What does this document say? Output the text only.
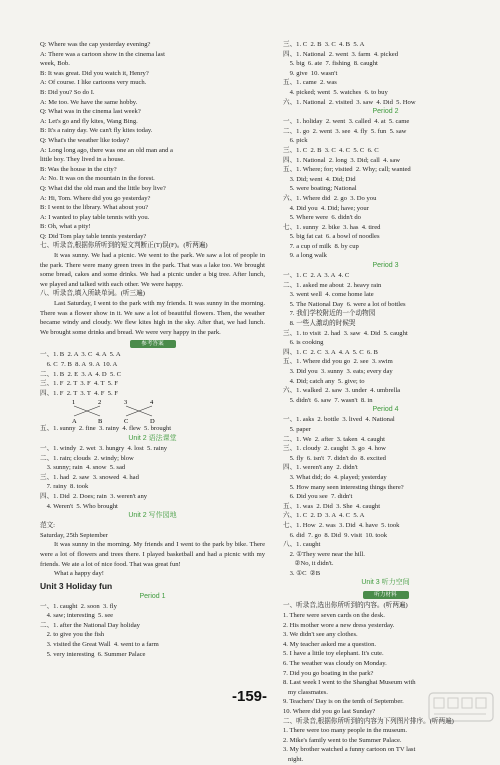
Q: Where was the cap yesterday evening?
A: There was a cartoon show in the cinema last
week, Bob.
B: It was great. Did you watch it, Henry?
A: Of course. I like cartoons very much.
B: Did you? So do I.
A: Me too. We have the same hobby.
Q: What was in the cinema last week?
A: Let's go and fly kites, Wang Bing.
B: It's a rainy day. We can't fly kites today.
Q: What's the weather like today?
A: Long long ago, there was one an old man and a
little boy. They lived in a house.
B: Was the house in the city?
A: No. It was on the mountain in the forest.
Q: What did the old man and the little boy live?
A: Hi, Tom. Where did you go yesterday?
B: I went to the library. What about you?
A: I wanted to play table tennis with you.
B: Oh, what a pity!
Q: Did Tom play table tennis yesterday?
七、听录音,根据你所听到的短文判断正(T)误(F)。(听两遍)
It was sunny. We had a picnic. We went to the park. We saw a lot of people in the park. There were many green trees in the park. That was a lake too. We brought some bread, cakes and some drinks. We had a picnic under a big tree. After lunch, we played and talked with each other. We were happy.
八、听录音,填入所缺单词。(听三遍)
Last Saturday, I went to the park with my friends. It was sunny in the morning. There was a flower show in it. We saw a lot of beautiful flowers. Then, the weather became windy and cloudy. We flew kites high in the sky. After that, we had lunch. We brought some drinks and bread. We were very happy in the park.
参考答案
一、1. B  2. A  3. C  4. A  5. A
6. C  7. B  8. A  9. A  10. A
二、1. B  2. E  3. A  4. D  5. C
三、1. F  2. T  3. F  4. T  5. F
四、1. F  2. T  3. T  4. F  5. F
1	2	3	4
A	B	C	D
五、1. sunny  2. fine  3. rainy  4. flew  5. brought
Unit 2 语法课堂
一、1. windy  2. wet  3. hungry  4. lost  5. rainy
二、1. rain; clouds  2. windy; blow
3. sunny; rain  4. snow  5. sad
三、1. had  2. saw  3. snowed  4. had
7. rainy  8. took
四、1. Did  2. Does; rain  3. weren't any
4. Weren't  5. Who brought
Unit 2 写作园地
范文:
Saturday, 25th September
It was sunny in the morning. My friends and I went to the park by bike. There were a lot of flowers and trees there. I played basketball and had a picnic with my friends. We ate a lot of nice food. That was great fun!
What a happy day!
Unit 3 Holiday fun
Period 1
一、1. caught  2. soon  3. fly
4. saw; interesting  5. see
二、1. after the National Day holiday
2. to give you the fish
3. visited the Great Wall  4. went to a farm
5. very interesting  6. Summer Palace
三、1. C  2. B  3. C  4. B  5. A
四、1. National  2. went  3. farm  4. picked
5. big  6. ate  7. fishing  8. caught
9. give  10. wasn't
五、1. came  2. was
4. picked; went  5. watches  6. to buy
六、1. National  2. visited  3. saw  4. Did  5. How
Period 2
一、1. holiday  2. went  3. called  4. at  5. came
二、1. go  2. went  3. see  4. fly  5. fun  5. saw
6. pick
三、1. C  2. B  3. C  4. C  5. C  6. C
四、1. National  2. long  3. Did; call  4. saw
五、1. Where; for; visited  2. Why; call; wanted
3. Did; went  4. Did; Did
5. were boating; National
六、1. Where did  2. go  3. Do you
4. Did you  4. Did; have; your
5. Where were  6. didn't do
七、1. sunny  2. bike  3. has  4. tired
5. big fat cat  6. a bowl of noodles
7. a cup of milk  8. by cup
9. a long walk
Period 3
一、1. C  2. A  3. A  4. C
二、1. asked me about  2. heavy rain
3. went well  4. come home late
5. The National Day  6. were a lot of bottles
7. 我们学校附近的一个动物园
8. 一些人激动的时候哭
三、1. to visit  2. had  3. saw  4. Did  5. caught
6. is cooking
四、1. C  2. C  3. A  4. A  5. C  6. B
五、1. Where did you go  2. see  3. swim
3. Did you  3. sunny  3. eats; every day
4. Did; catch any  5. give; to
六、1. walked  2. saw  3. under  4. umbrella
5. didn't  6. saw  7. wasn't  8. in
Period 4
一、1. asks  2. bottle  3. lived  4. National
5. paper
二、1. We  2. after  3. taken  4. caught
三、1. cloudy  2. caught  3. go  4. how
5. fly  6. isn't  7. didn't do  8. excited
四、1. weren't any  2. didn't
3. What did; do  4. played; yesterday
5. How many seen interesting things there?
6. Did you see  7. didn't
五、1. was  2. Did  3. She  4. caught
六、1. C  2. D  3. A  4. C  5. A
七、1. How  2. was  3. Did  4. have  5. took
6. did  7. go  8. Did  9. visit  10. took
八、1. caught
2. ①They were near the hill.
②No, it didn't.
3. ①C  ②B
Unit 3 听力空间
听力材料
一、听录音,选出你所听到的内容。(听两遍)
1. There were seven cards on the desk.
2. His mother wore a new dress yesterday.
3. We didn't see any clothes.
4. My teacher asked me a question.
5. I have a little toy elephant. It's cute.
6. The weather was cloudy on Monday.
7. Did you go boating in the park?
8. Last week I went to the Shanghai Museum with
my classmates.
9. Teachers' Day is on the tenth of September.
10. Where did you go last Sunday?
二、听录音,根据你所听到的内容为下列图片排序。(听两遍)
1. There were too many people in the museum.
2. Mike's family went to the Summer Palace.
3. My brother watched a funny cartoon on TV last
night.
-159-
